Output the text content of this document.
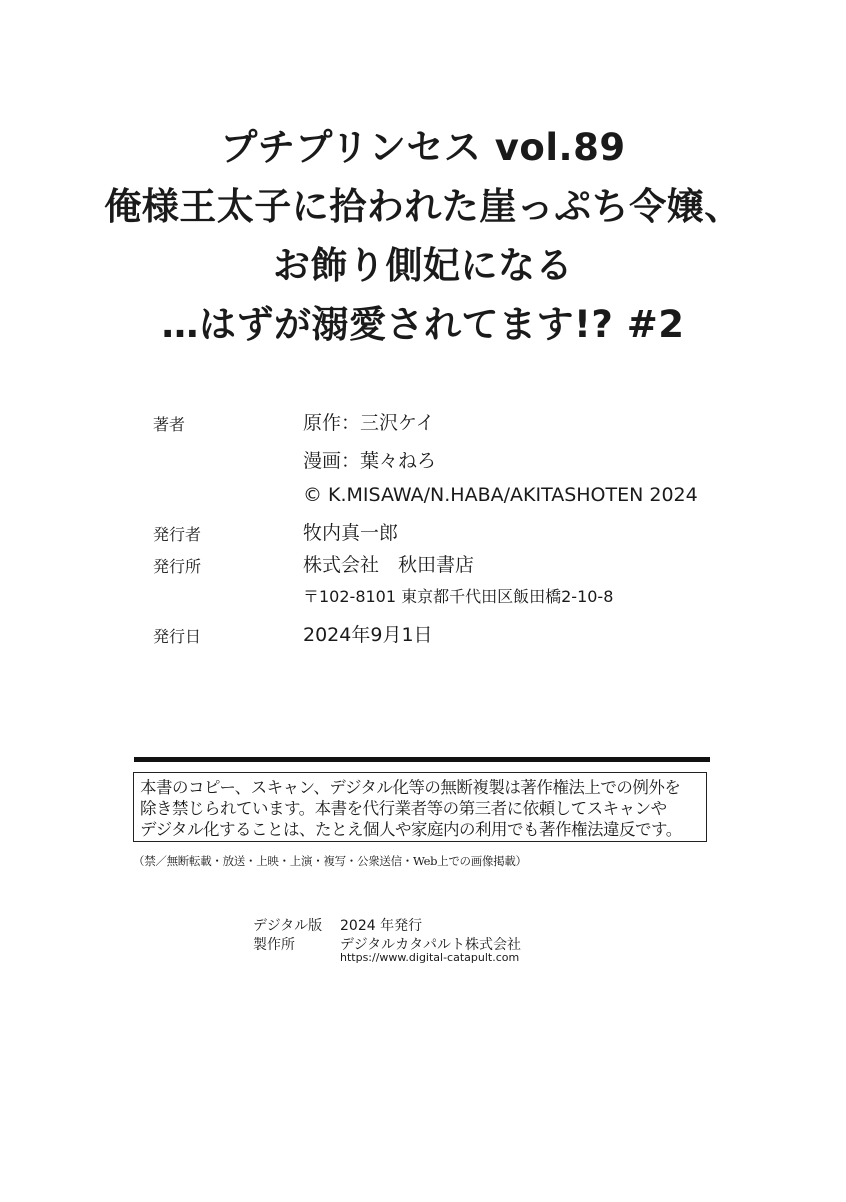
プチプリンセス vol.89
俺様王太子に拾われた崖っぷち令嬢、
お飾り側妃になる
…はずが溺愛されてます!? #2
著者	原作：三沢ケイ
漫画：葉々ねろ
© K.MISAWA/N.HABA/AKITASHOTEN 2024
発行者	牧内真一郎
発行所	株式会社　秋田書店
〒102-8101 東京都千代田区飯田橋2-10-8
発行日	2024年9月1日
本書のコピー、スキャン、デジタル化等の無断複製は著作権法上での例外を
除き禁じられています。本書を代行業者等の第三者に依頼してスキャンや
デジタル化することは、たとえ個人や家庭内の利用でも著作権法違反です。
（禁／無断転載・放送・上映・上演・複写・公衆送信・Web上での画像掲載）
デジタル版 2024 年発行
製作所	デジタルカタパルト株式会社
https://www.digital-catapult.com
